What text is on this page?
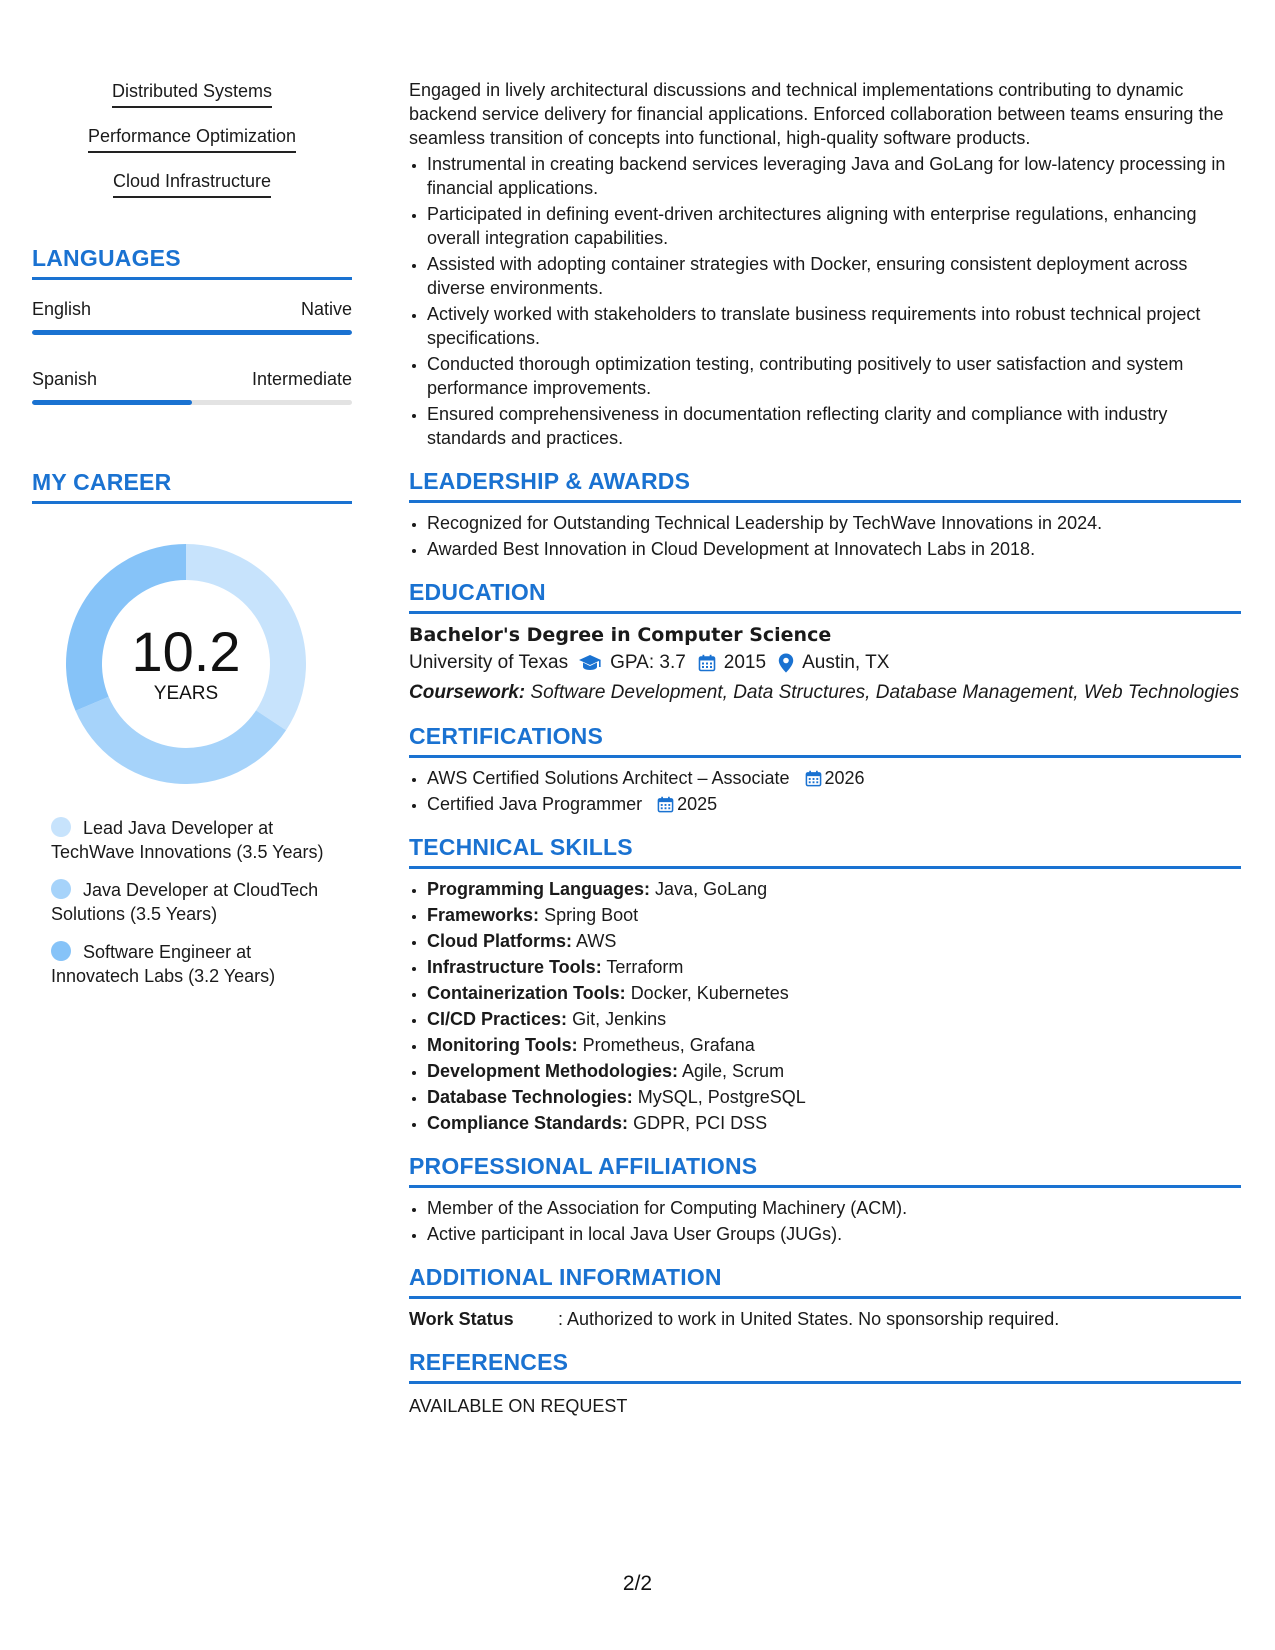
Distributed Systems
Performance Optimization
Cloud Infrastructure
LANGUAGES
English	Native
Spanish	Intermediate
MY CAREER
10.2
YEARS
Lead Java Developer at TechWave Innovations (3.5 Years)
Java Developer at CloudTech Solutions (3.5 Years)
Software Engineer at Innovatech Labs (3.2 Years)

Engaged in lively architectural discussions and technical implementations contributing to dynamic backend service delivery for financial applications. Enforced collaboration between teams ensuring the seamless transition of concepts into functional, high-quality software products.

• Instrumental in creating backend services leveraging Java and GoLang for low-latency processing in financial applications.
• Participated in defining event-driven architectures aligning with enterprise regulations, enhancing overall integration capabilities.
• Assisted with adopting container strategies with Docker, ensuring consistent deployment across diverse environments.
• Actively worked with stakeholders to translate business requirements into robust technical project specifications.
• Conducted thorough optimization testing, contributing positively to user satisfaction and system performance improvements.
• Ensured comprehensiveness in documentation reflecting clarity and compliance with industry standards and practices.
LEADERSHIP & AWARDS
• Recognized for Outstanding Technical Leadership by TechWave Innovations in 2024.
• Awarded Best Innovation in Cloud Development at Innovatech Labs in 2018.
EDUCATION
Bachelor's Degree in Computer Science
University of Texas GPA: 3.7 2015 Austin, TX
Coursework: Software Development, Data Structures, Database Management, Web Technologies
CERTIFICATIONS
• AWS Certified Solutions Architect – Associate 2026
• Certified Java Programmer 2025
TECHNICAL SKILLS
• Programming Languages: Java, GoLang
• Frameworks: Spring Boot
• Cloud Platforms: AWS
• Infrastructure Tools: Terraform
• Containerization Tools: Docker, Kubernetes
• CI/CD Practices: Git, Jenkins
• Monitoring Tools: Prometheus, Grafana
• Development Methodologies: Agile, Scrum
• Database Technologies: MySQL, PostgreSQL
• Compliance Standards: GDPR, PCI DSS
PROFESSIONAL AFFILIATIONS
• Member of the Association for Computing Machinery (ACM).
• Active participant in local Java User Groups (JUGs).
ADDITIONAL INFORMATION
Work Status	: Authorized to work in United States. No sponsorship required.
REFERENCES
AVAILABLE ON REQUEST
2/2
